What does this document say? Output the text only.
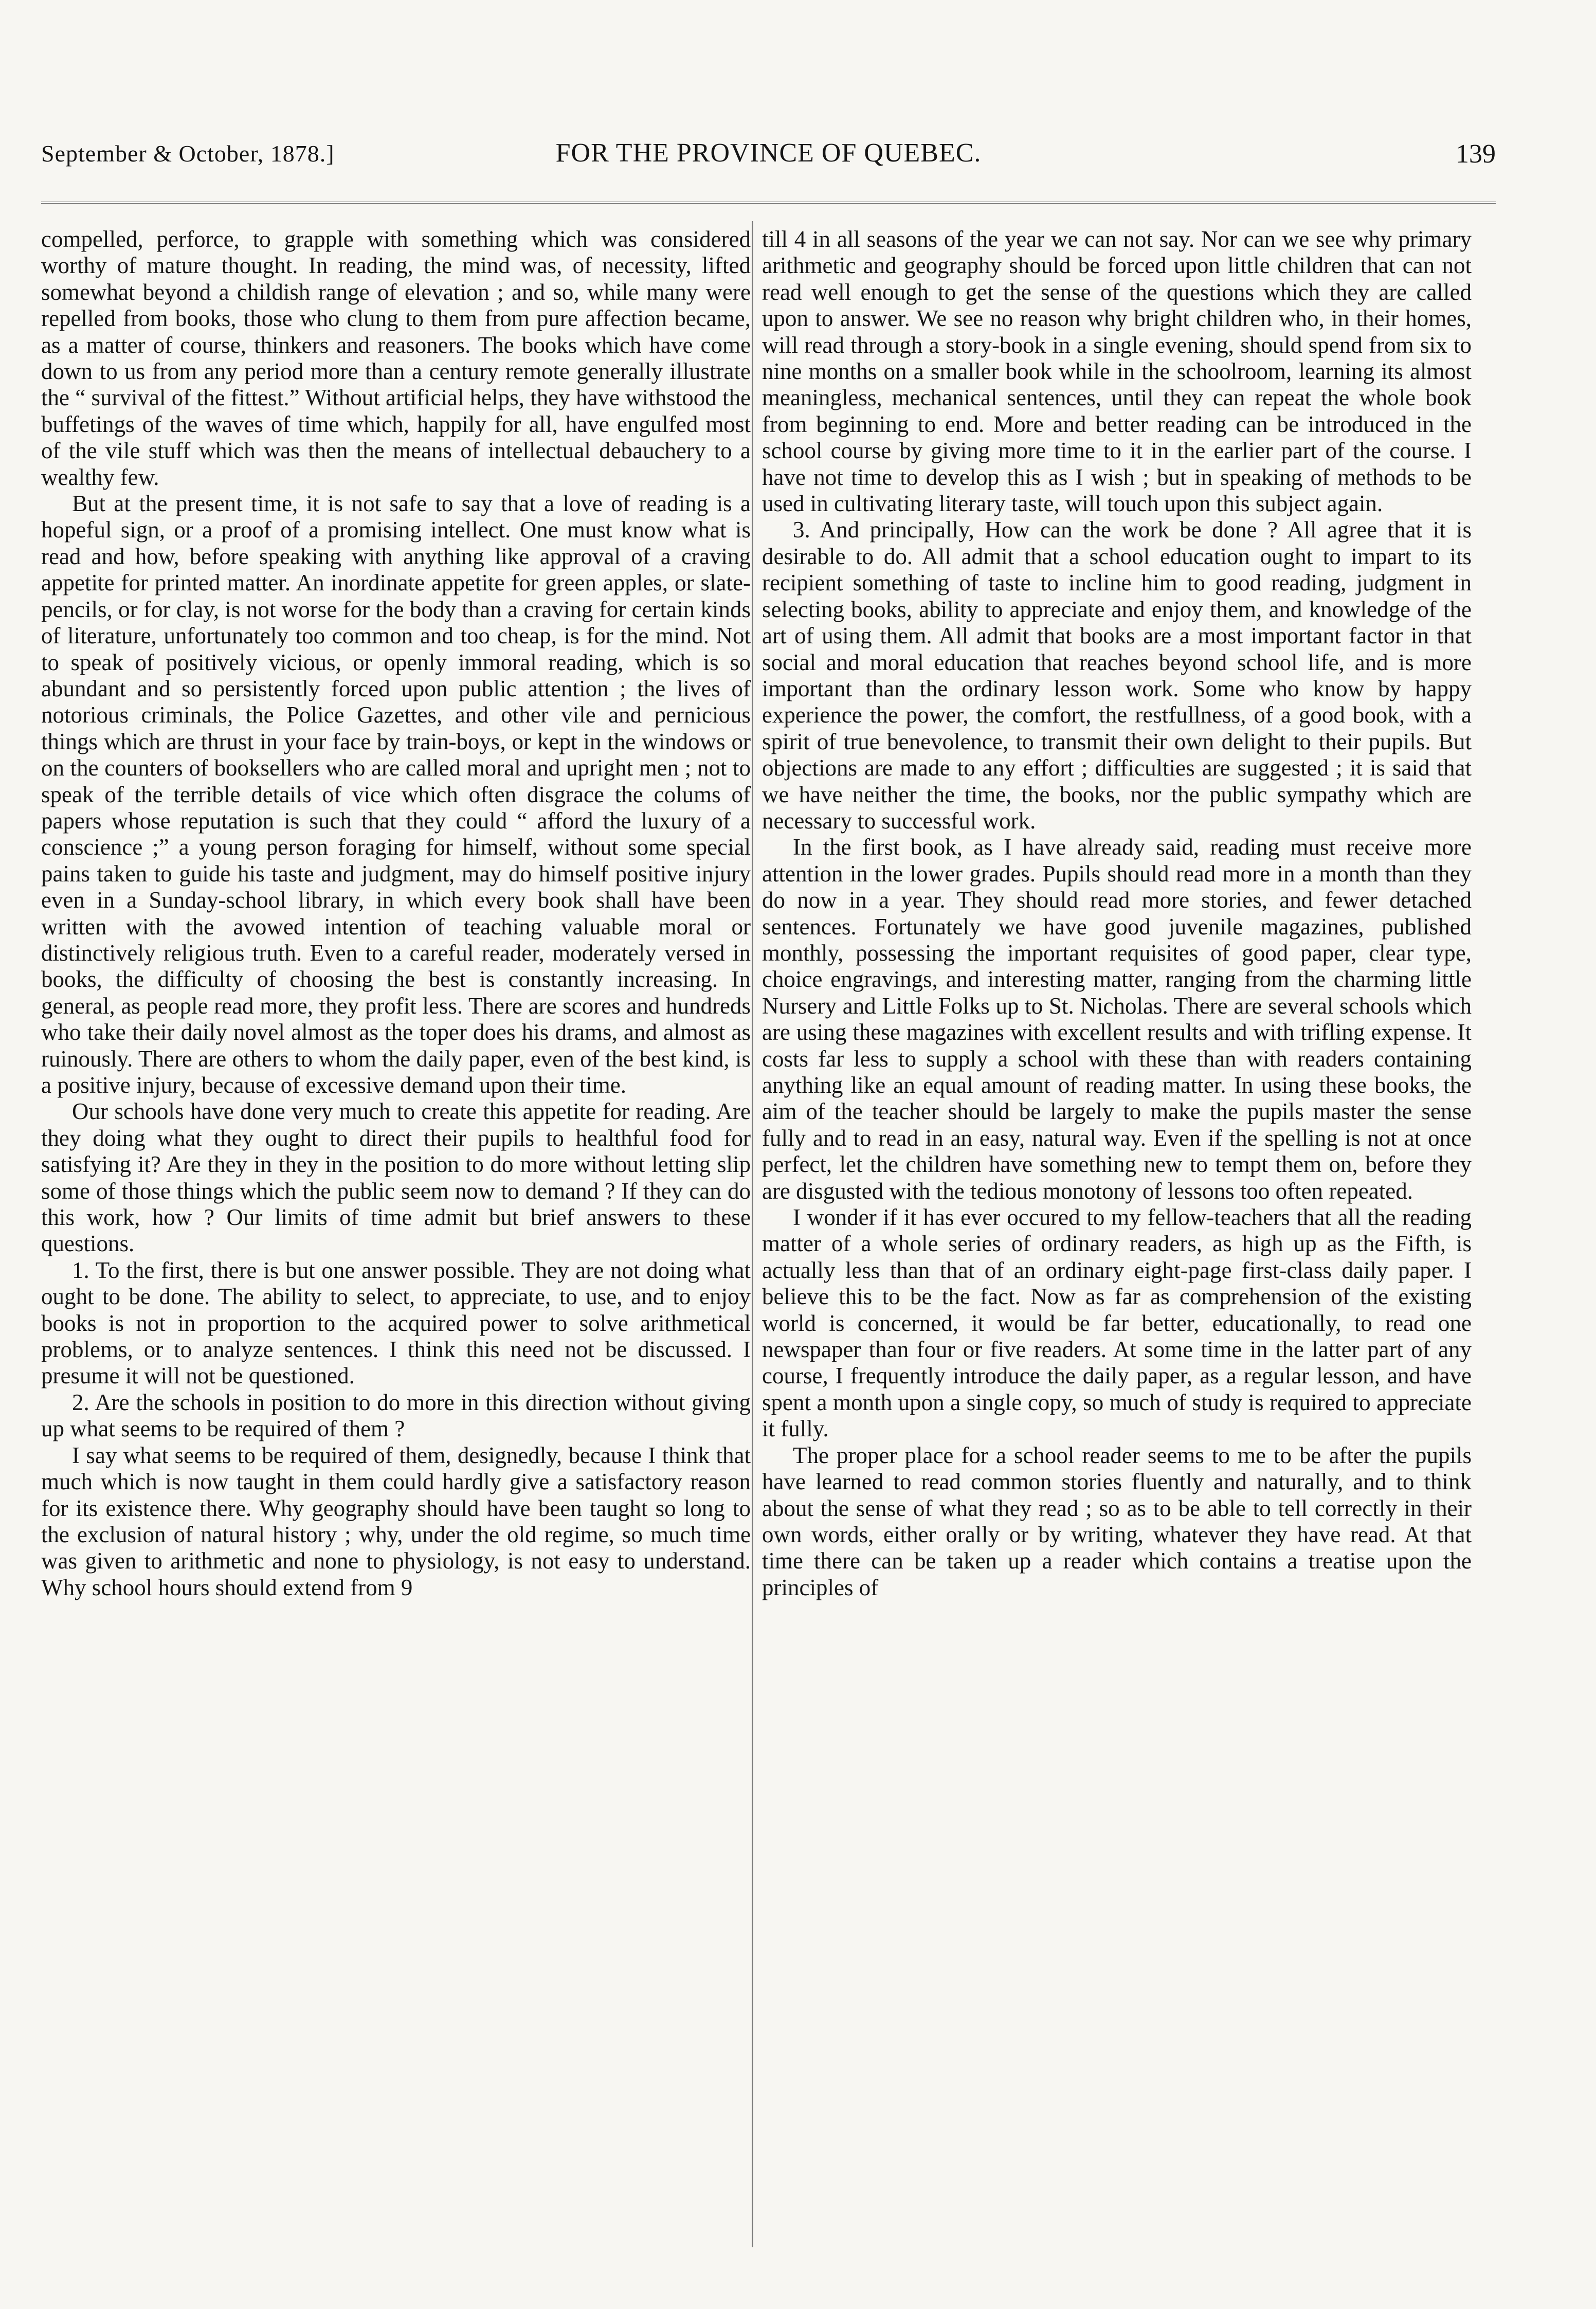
September & October, 1878.]	FOR THE PROVINCE OF QUEBEC.	139

compelled, perforce, to grapple with something which was considered worthy of mature thought. In reading, the mind was, of necessity, lifted somewhat beyond a childish range of elevation ; and so, while many were repelled from books, those who clung to them from pure affection became, as a matter of course, thinkers and reasoners. The books which have come down to us from any period more than a century remote generally illustrate the “ survival of the fittest.” Without artificial helps, they have withstood the buffetings of the waves of time which, happily for all, have engulfed most of the vile stuff which was then the means of intellectual debauchery to a wealthy few.

But at the present time, it is not safe to say that a love of reading is a hopeful sign, or a proof of a promising intellect. One must know what is read and how, before speaking with anything like approval of a craving appetite for printed matter. An inordinate appetite for green apples, or slate-pencils, or for clay, is not worse for the body than a craving for certain kinds of literature, unfortunately too common and too cheap, is for the mind. Not to speak of positively vicious, or openly immoral reading, which is so abundant and so persistently forced upon public attention ; the lives of notorious criminals, the Police Gazettes, and other vile and pernicious things which are thrust in your face by train-boys, or kept in the windows or on the counters of booksellers who are called moral and upright men ; not to speak of the terrible details of vice which often disgrace the colums of papers whose reputation is such that they could “ afford the luxury of a conscience ;” a young person foraging for himself, without some special pains taken to guide his taste and judgment, may do himself positive injury even in a Sunday-school library, in which every book shall have been written with the avowed intention of teaching valuable moral or distinctively religious truth. Even to a careful reader, moderately versed in books, the difficulty of choosing the best is constantly increasing. In general, as people read more, they profit less. There are scores and hundreds who take their daily novel almost as the toper does his drams, and almost as ruinously. There are others to whom the daily paper, even of the best kind, is a positive injury, because of excessive demand upon their time.

Our schools have done very much to create this appetite for reading. Are they doing what they ought to direct their pupils to healthful food for satisfying it? Are they in they in the position to do more without letting slip some of those things which the public seem now to demand ? If they can do this work, how ? Our limits of time admit but brief answers to these questions.

1. To the first, there is but one answer possible. They are not doing what ought to be done. The ability to select, to appreciate, to use, and to enjoy books is not in proportion to the acquired power to solve arithmetical problems, or to analyze sentences. I think this need not be discussed. I presume it will not be questioned.

2. Are the schools in position to do more in this direction without giving up what seems to be required of them ?

I say what seems to be required of them, designedly, because I think that much which is now taught in them could hardly give a satisfactory reason for its existence there. Why geography should have been taught so long to the exclusion of natural history ; why, under the old regime, so much time was given to arithmetic and none to physiology, is not easy to understand. Why school hours should extend from 9

till 4 in all seasons of the year we can not say. Nor can we see why primary arithmetic and geography should be forced upon little children that can not read well enough to get the sense of the questions which they are called upon to answer. We see no reason why bright children who, in their homes, will read through a story-book in a single evening, should spend from six to nine months on a smaller book while in the schoolroom, learning its almost meaningless, mechanical sentences, until they can repeat the whole book from beginning to end. More and better reading can be introduced in the school course by giving more time to it in the earlier part of the course. I have not time to develop this as I wish ; but in speaking of methods to be used in cultivating literary taste, will touch upon this subject again.

3. And principally, How can the work be done ? All agree that it is desirable to do. All admit that a school education ought to impart to its recipient something of taste to incline him to good reading, judgment in selecting books, ability to appreciate and enjoy them, and knowledge of the art of using them. All admit that books are a most important factor in that social and moral education that reaches beyond school life, and is more important than the ordinary lesson work. Some who know by happy experience the power, the comfort, the restfullness, of a good book, with a spirit of true benevolence, to transmit their own delight to their pupils. But objections are made to any effort ; difficulties are suggested ; it is said that we have neither the time, the books, nor the public sympathy which are necessary to successful work.

In the first book, as I have already said, reading must receive more attention in the lower grades. Pupils should read more in a month than they do now in a year. They should read more stories, and fewer detached sentences. Fortunately we have good juvenile magazines, published monthly, possessing the important requisites of good paper, clear type, choice engravings, and interesting matter, ranging from the charming little Nursery and Little Folks up to St. Nicholas. There are several schools which are using these magazines with excellent results and with trifling expense. It costs far less to supply a school with these than with readers containing anything like an equal amount of reading matter. In using these books, the aim of the teacher should be largely to make the pupils master the sense fully and to read in an easy, natural way. Even if the spelling is not at once perfect, let the children have something new to tempt them on, before they are disgusted with the tedious monotony of lessons too often repeated.

I wonder if it has ever occured to my fellow-teachers that all the reading matter of a whole series of ordinary readers, as high up as the Fifth, is actually less than that of an ordinary eight-page first-class daily paper. I believe this to be the fact. Now as far as comprehension of the existing world is concerned, it would be far better, educationally, to read one newspaper than four or five readers. At some time in the latter part of any course, I frequently introduce the daily paper, as a regular lesson, and have spent a month upon a single copy, so much of study is required to appreciate it fully.

The proper place for a school reader seems to me to be after the pupils have learned to read common stories fluently and naturally, and to think about the sense of what they read ; so as to be able to tell correctly in their own words, either orally or by writing, whatever they have read. At that time there can be taken up a reader which contains a treatise upon the principles of
